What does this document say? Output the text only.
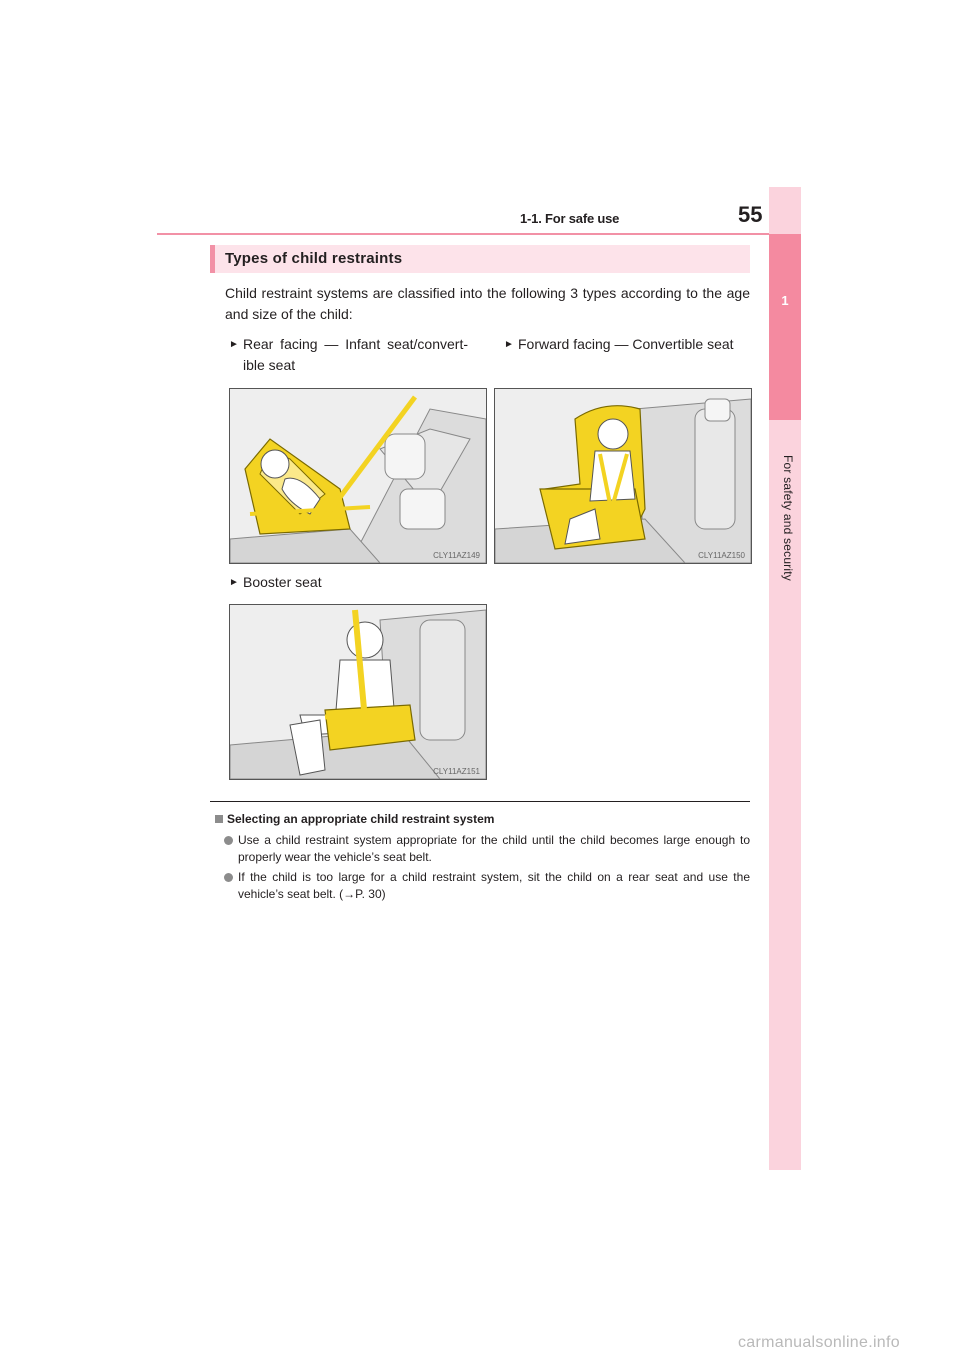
1-1. For safe use	55
1
For safety and security
Types of child restraints
Child restraint systems are classified into the following 3 types according to the age and size of the child:
► Rear facing — Infant seat/convert- ible seat
► Forward facing — Convertible seat
CLY11AZ149	CLY11AZ150
► Booster seat
CLY11AZ151
Selecting an appropriate child restraint system
Use a child restraint system appropriate for the child until the child becomes large enough to properly wear the vehicle’s seat belt.
If the child is too large for a child restraint system, sit the child on a rear seat and use the vehicle’s seat belt. (→P. 30)
carmanualsonline.info
